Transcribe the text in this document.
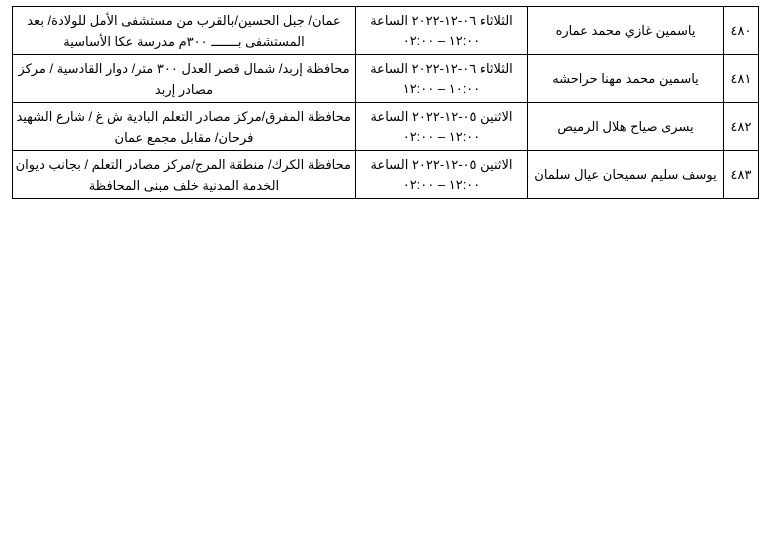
٤٨٠	ياسمين غازي محمد عماره	الثلاثاء ٠٦-١٢-٢٠٢٢ الساعة
١٢:٠٠ – ٠٢:٠٠	عمان/ جبل الحسين/بالقرب من مستشفى الأمل للولادة/ بعد
المستشفى بـــــــ ٣٠٠م مدرسة عكا الأساسية

٤٨١	ياسمين محمد مهنا حراحشه	الثلاثاء ٠٦-١٢-٢٠٢٢ الساعة
١٠:٠٠ – ١٢:٠٠	محافظة إربد/ شمال قصر العدل ٣٠٠ متر/ دوار القادسية / مركز
مصادر إربد

٤٨٢	يسرى صياح هلال الرميص	الاثنين ٠٥-١٢-٢٠٢٢ الساعة
١٢:٠٠ – ٠٢:٠٠	محافظة المفرق/مركز مصادر التعلم البادية ش غ / شارع الشهيد
فرحان/ مقابل مجمع عمان

٤٨٣	يوسف سليم سميحان عيال سلمان	الاثنين ٠٥-١٢-٢٠٢٢ الساعة
١٢:٠٠ – ٠٢:٠٠	محافظة الكرك/ منطقة المرج/مركز مصادر التعلم / بجانب ديوان
الخدمة المدنية خلف مبنى المحافظة
